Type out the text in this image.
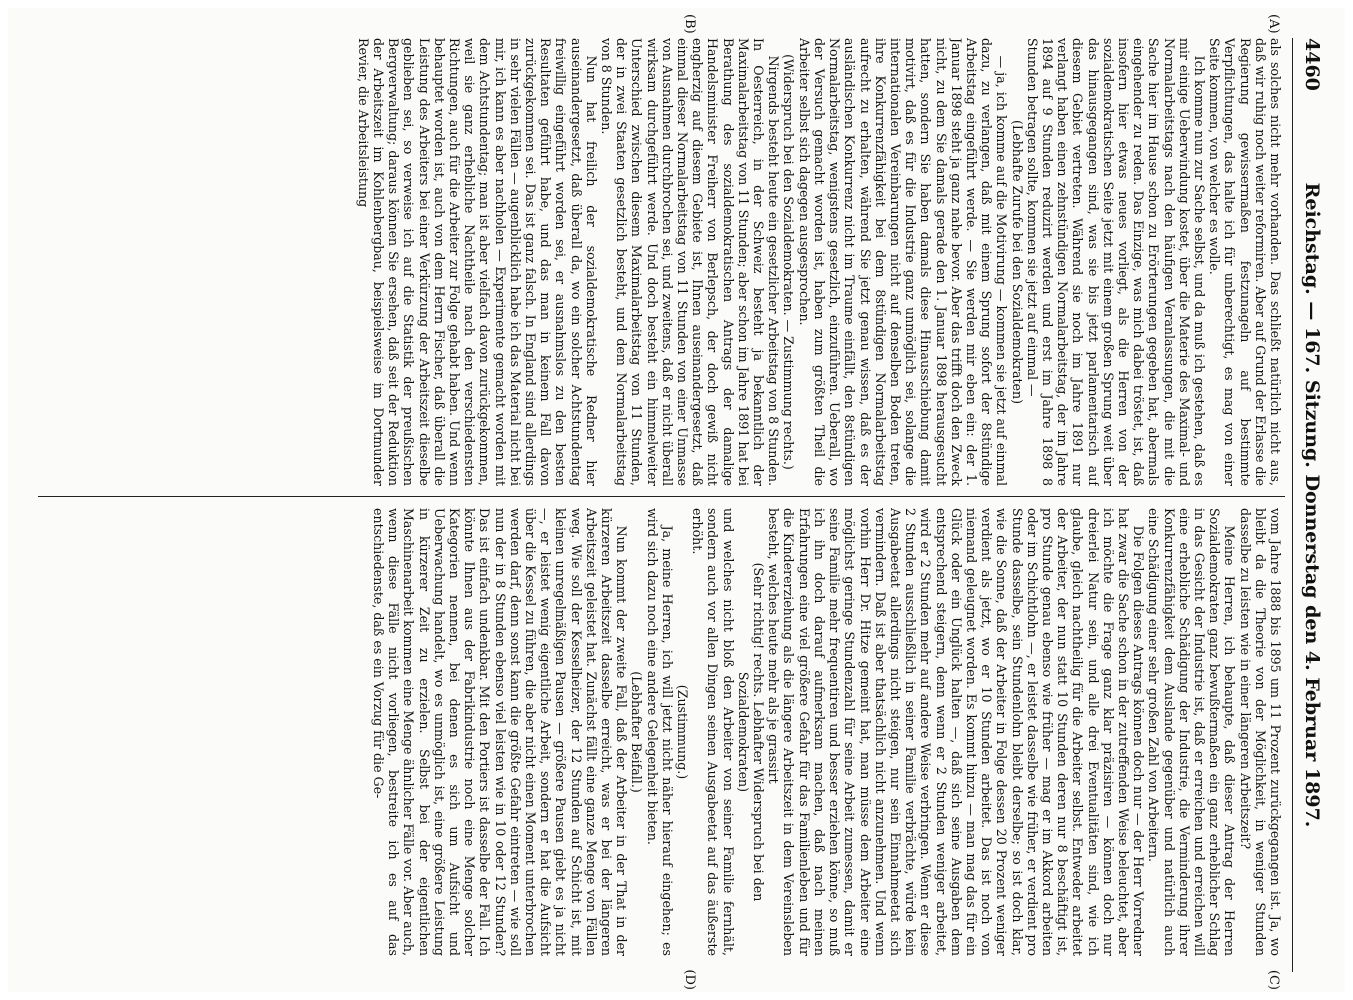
4460
Reichstag. — 167. Sitzung. Donnerstag den 4. Februar 1897.
(A)
(B)
(C)
(D)

als solches nicht mehr vorhanden. Das schließt natürlich nicht aus, daß wir ruhig noch weiter reformiren. Aber auf Grund der Erlasse die Regierung gewissermaßen festzunageln auf bestimmte Verpflichtungen, das halte ich für unberechtigt, es mag von einer Seite kommen, von welcher es wolle.

Ich komme nun zur Sache selbst, und da muß ich gestehen, daß es mir einige Ueberwindung kostet, über die Materie des Maximal- und Normalarbeitstags nach den häufigen Veranlassungen, die mit die Sache hier im Hause schon zu Erörterungen gegeben hat, abermals eingehender zu reden. Das Einzige, was mich dabei tröstet, ist, daß insofern hier etwas neues vorliegt, als die Herren von der sozialdemokratischen Seite jetzt mit einem großen Sprung weit über das hinausgegangen sind, was sie bis jetzt parlamentarisch auf diesem Gebiet vertreten. Während sie noch im Jahre 1891 nur verlangt haben einen zehnstündigen Normalarbeitstag, der im Jahre 1894 auf 9 Stunden reduzirt werden und erst im Jahre 1898 8 Stunden betragen sollte, kommen sie jetzt auf einmal —

(Lebhafte Zurufe bei den Sozialdemokraten)

— ja, ich komme auf die Motivirung — kommen sie jetzt auf einmal dazu, zu verlangen, daß mit einem Sprung sofort der 8stündige Arbeitstag eingeführt werde. — Sie werden mir eben ein: der 1. Januar 1898 steht ja ganz nahe bevor. Aber das trifft doch den Zweck nicht, zu dem Sie damals gerade den 1. Januar 1898 herausgesucht hatten, sondern Sie haben damals diese Hinausschiebung damit motivirt, daß es für die Industrie ganz unmöglich sei, solange die internationalen Vereinbarungen nicht auf denselben Boden treten, ihre Konkurrenzfähigkeit bei dem 8stündigen Normalarbeitstag aufrecht zu erhalten, während Sie jetzt genau wissen, daß es der ausländischen Konkurrenz nicht im Traume einfällt, den 8stündigen Normalarbeitstag, wenigstens gesetzlich, einzuführen. Ueberall, wo der Versuch gemacht worden ist, haben zum größten Theil die Arbeiter selbst sich dagegen ausgesprochen.

(Widerspruch bei den Sozialdemokraten. — Zustimmung rechts.)

Nirgends besteht heute ein gesetzlicher Arbeitstag von 8 Stunden. In Oesterreich, in der Schweiz besteht ja bekanntlich der Maximalarbeitstag von 11 Stunden; aber schon im Jahre 1891 hat bei Berathung des sozialdemokratischen Antrags der damalige Handelsminister Freiherr von Berlepsch, der doch gewiß nicht engherzig auf diesem Gebiete ist, Ihnen auseinandergesetzt, daß einmal dieser Normalarbeitstag von 11 Stunden von einer Unmasse von Ausnahmen durchbrochen sei, und zweitens, daß er nicht überall wirksam durchgeführt werde. Und doch besteht ein himmelweiter Unterschied zwischen diesem Maximalarbeitstag von 11 Stunden, der in zwei Staaten gesetzlich besteht, und dem Normalarbeitstag von 8 Stunden.

Nun hat freilich der sozialdemokratische Redner hier auseinandergesetzt, daß überall da, wo ein solcher Achtstundentag freiwillig eingeführt worden sei, er ausnahmslos zu den besten Resultaten geführt habe, und das man in keinem Fall davon zurückgekommen sei. Das ist ganz falsch. In England sind allerdings in sehr vielen Fällen — augenblicklich habe ich das Material nicht bei mir, ich kann es aber nachholen — Experimente gemacht worden mit dem Achtstundentag; man ist aber vielfach davon zurückgekommen, weil sie ganz erhebliche Nachtheile nach den verschiedensten Richtungen, auch für die Arbeiter zur Folge gehabt haben. Und wenn behauptet worden ist, auch von dem Herrn Fischer, daß überall die Leistung des Arbeiters bei einer Verkürzung der Arbeitszeit dieselbe geblieben sei, so verweise ich auf die Statistik der preußischen Bergverwaltung; daraus können Sie ersehen, daß seit der Reduktion der Arbeitszeit im Kohlenbergbau, beispielsweise im Dortmunder Revier, die Arbeitsleistung

vom Jahre 1888 bis 1895 um 11 Prozent zurückgegangen ist. Ja, wo bleibt da die Theorie von der Möglichkeit, in weniger Stunden dasselbe zu leisten wie in einer längeren Arbeitszeit?

Meine Herren, ich behaupte, daß dieser Antrag der Herren Sozialdemokraten ganz bewußtermaßen ein ganz erheblicher Schlag in das Gesicht der Industrie ist, daß er erreichen und erreichen will eine erhebliche Schädigung der Industrie, die Verminderung ihrer Konkurrenzfähigkeit dem Auslande gegenüber und natürlich auch eine Schädigung einer sehr großen Zahl von Arbeitern.

Die Folgen dieses Antrags können doch nur — der Herr Vorredner hat zwar die Sache schon in der zutreffenden Weise beleuchtet, aber ich möchte die Frage ganz klar präzisiren — können doch nur dreierlei Natur sein, und alle drei Eventualitäten sind, wie ich glaube, gleich nachtheilig für die Arbeiter selbst. Entweder arbeitet der Arbeiter, der nun statt 10 Stunden deren nur 8 beschäftigt ist, pro Stunde genau ebenso wie früher — mag er im Akkord arbeiten oder im Schichtlohn —, er leistet dasselbe wie früher, er verdient pro Stunde dasselbe, sein Stundenlohn bleibt derselbe; so ist doch klar, wie die Sonne, daß der Arbeiter in Folge dessen 20 Prozent weniger verdient als jetzt, wo er 10 Stunden arbeitet. Das ist noch von niemand geleugnet worden. Es kommt hinzu — man mag das für ein Glück oder ein Unglück halten —, daß sich seine Ausgaben dem entsprechend steigern, denn wenn er 2 Stunden weniger arbeitet, wird er 2 Stunden mehr auf andere Weise verbringen. Wenn er diese 2 Stunden ausschließlich in seiner Familie verbrächte, würde kein Ausgabeetat allerdings nicht steigen, nur sein Einnahmeetat sich vermindern. Daß ist aber thatsächlich nicht anzunehmen. Und wenn vorhin Herr Dr. Hitze gemeint hat, man müsse dem Arbeiter eine möglichst geringe Stundenzahl für seine Arbeit zumessen, damit er seine Familie mehr frequentiren und besser erziehen könne, so muß ich ihn doch darauf aufmerksam machen, daß nach meinen Erfahrungen eine viel größere Gefahr für das Familienleben und für die Kindererziehung als die längere Arbeitszeit in dem Vereinsleben besteht, welches heute mehr als je grassirt

(Sehr richtig! rechts. Lebhafter Widerspruch bei den Sozialdemokraten)

und welches nicht bloß den Arbeiter von seiner Familie fernhält, sondern auch vor allen Dingen seinen Ausgabeetat auf das äußerste erhöht.

(Zustimmung.)

Ja, meine Herren, ich will jetzt nicht näher hierauf eingehen; es wird sich dazu noch eine andere Gelegenheit bieten.

(Lebhafter Beifall.)

Nun kommt der zweite Fall, daß der Arbeiter in der That in der kürzeren Arbeitszeit dasselbe erreicht, was er bei der längeren Arbeitszeit geleistet hat. Zunächst fällt eine ganze Menge von Fällen weg. Wie soll der Kesselheizer, der 12 Stunden auf Schicht ist, mit kleinen unregelmäßigen Pausen — größere Pausen giebt es ja nicht —, er leistet wenig eigentliche Arbeit, sondern er hat die Aufsicht über die Kessel zu führen, die aber nicht einen Moment unterbrochen werden darf, denn sonst kann die größte Gefahr eintreten — wie soll nun der in 8 Stunden ebenso viel leisten wie in 10 oder 12 Stunden? Das ist einfach undenkbar. Mit den Portiers ist dasselbe der Fall. Ich könnte Ihnen aus der Fabrikindustrie noch eine Menge solcher Kategorien nennen, bei denen es sich um Aufsicht und Ueberwachung handelt, wo es unmöglich ist, eine größere Leistung in kürzerer Zeit zu erzielen. Selbst bei der eigentlichen Maschinenarbeit kommen eine Menge ähnlicher Fälle vor. Aber auch, wenn diese Fälle nicht vorliegen, bestreite ich es auf das entschiedenste, daß es ein Vorzug für die Ge-
